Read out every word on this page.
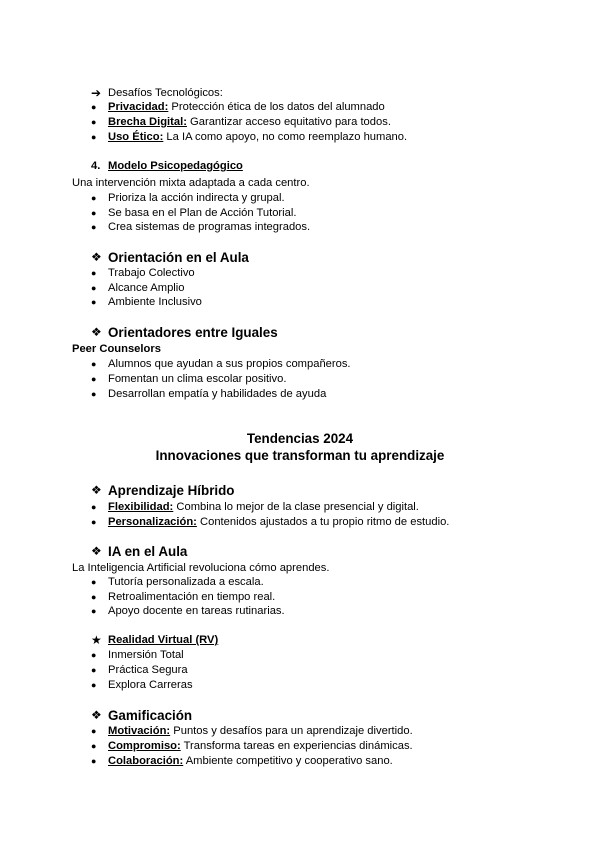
➔ Desafíos Tecnológicos:
● Privacidad: Protección ética de los datos del alumnado
● Brecha Digital: Garantizar acceso equitativo para todos.
● Uso Ético: La IA como apoyo, no como reemplazo humano.
4. Modelo Psicopedagógico
Una intervención mixta adaptada a cada centro.
● Prioriza la acción indirecta y grupal.
● Se basa en el Plan de Acción Tutorial.
● Crea sistemas de programas integrados.
❖ Orientación en el Aula
● Trabajo Colectivo
● Alcance Amplio
● Ambiente Inclusivo
❖ Orientadores entre Iguales
Peer Counselors
● Alumnos que ayudan a sus propios compañeros.
● Fomentan un clima escolar positivo.
● Desarrollan empatía y habilidades de ayuda
Tendencias 2024
Innovaciones que transforman tu aprendizaje
❖ Aprendizaje Híbrido
● Flexibilidad: Combina lo mejor de la clase presencial y digital.
● Personalización: Contenidos ajustados a tu propio ritmo de estudio.
❖ IA en el Aula
La Inteligencia Artificial revoluciona cómo aprendes.
● Tutoría personalizada a escala.
● Retroalimentación en tiempo real.
● Apoyo docente en tareas rutinarias.
★ Realidad Virtual (RV)
● Inmersión Total
● Práctica Segura
● Explora Carreras
❖ Gamificación
● Motivación: Puntos y desafíos para un aprendizaje divertido.
● Compromiso: Transforma tareas en experiencias dinámicas.
● Colaboración: Ambiente competitivo y cooperativo sano.
